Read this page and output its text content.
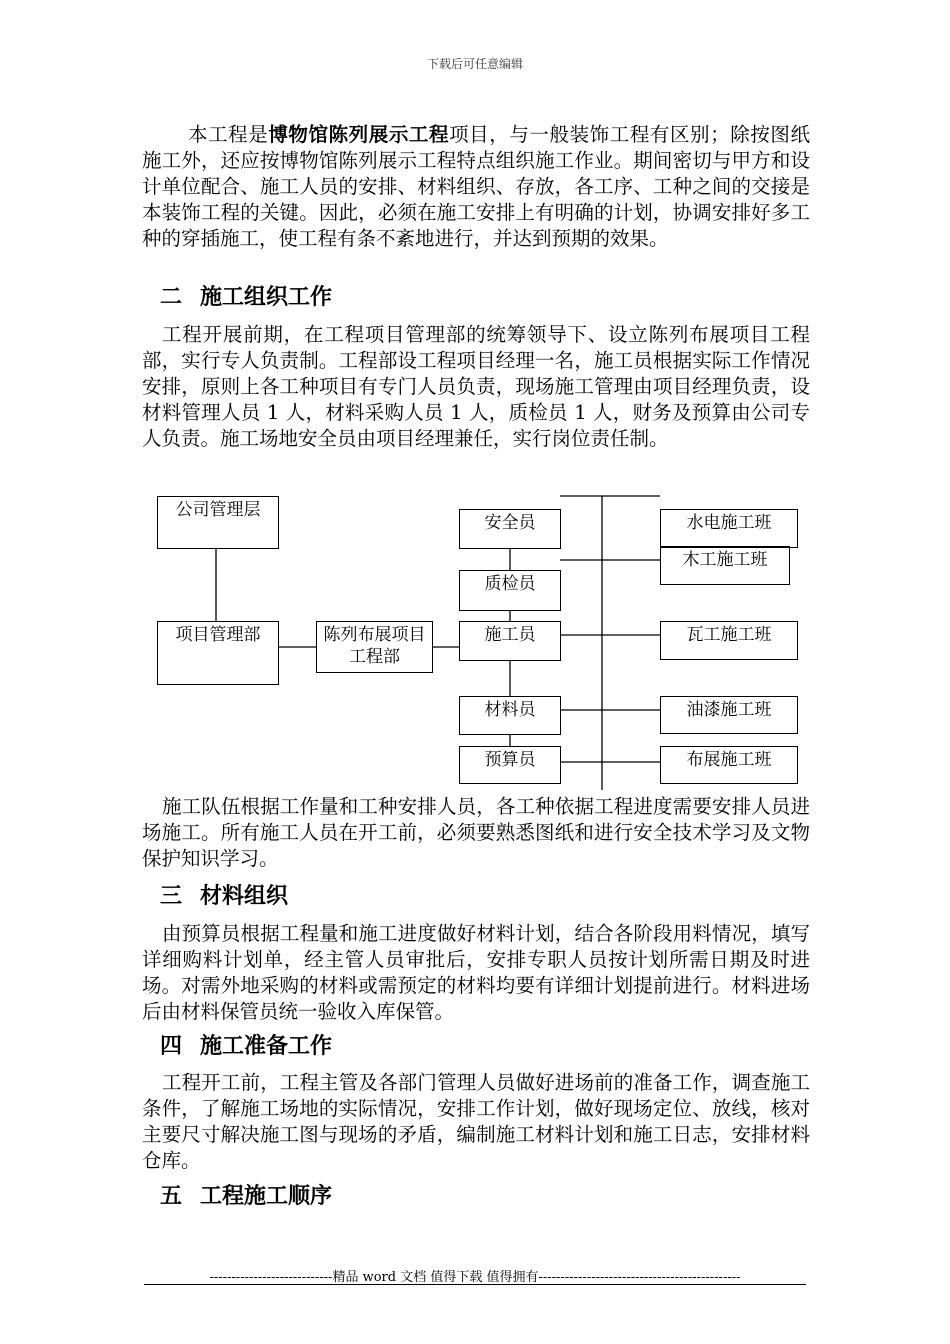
下载后可任意编辑

本工程是博物馆陈列展示工程项目，与一般装饰工程有区别；除按图纸施工外，还应按博物馆陈列展示工程特点组织施工作业。期间密切与甲方和设计单位配合、施工人员的安排、材料组织、存放，各工序、工种之间的交接是本装饰工程的关键。因此，必须在施工安排上有明确的计划，协调安排好多工种的穿插施工，使工程有条不紊地进行，并达到预期的效果。

二 施工组织工作

工程开展前期，在工程项目管理部的统筹领导下、设立陈列布展项目工程部，实行专人负责制。工程部设工程项目经理一名，施工员根据实际工作情况安排，原则上各工种项目有专门人员负责，现场施工管理由项目经理负责，设材料管理人员 1 人，材料采购人员 1 人，质检员 1 人，财务及预算由公司专人负责。施工场地安全员由项目经理兼任，实行岗位责任制。

公司管理层
项目管理部	陈列布展项目工程部
安全员
质检员
施工员
材料员
预算员
水电施工班
木工施工班
瓦工施工班
油漆施工班
布展施工班

施工队伍根据工作量和工种安排人员，各工种依据工程进度需要安排人员进场施工。所有施工人员在开工前，必须要熟悉图纸和进行安全技术学习及文物保护知识学习。

三 材料组织

由预算员根据工程量和施工进度做好材料计划，结合各阶段用料情况，填写详细购料计划单，经主管人员审批后，安排专职人员按计划所需日期及时进场。对需外地采购的材料或需预定的材料均要有详细计划提前进行。材料进场后由材料保管员统一验收入库保管。

四 施工准备工作

工程开工前，工程主管及各部门管理人员做好进场前的准备工作，调查施工条件，了解施工场地的实际情况，安排工作计划，做好现场定位、放线，核对主要尺寸解决施工图与现场的矛盾，编制施工材料计划和施工日志，安排材料仓库。

五 工程施工顺序
----------------------------精品 word 文档 值得下载 值得拥有----------------------------------------------
